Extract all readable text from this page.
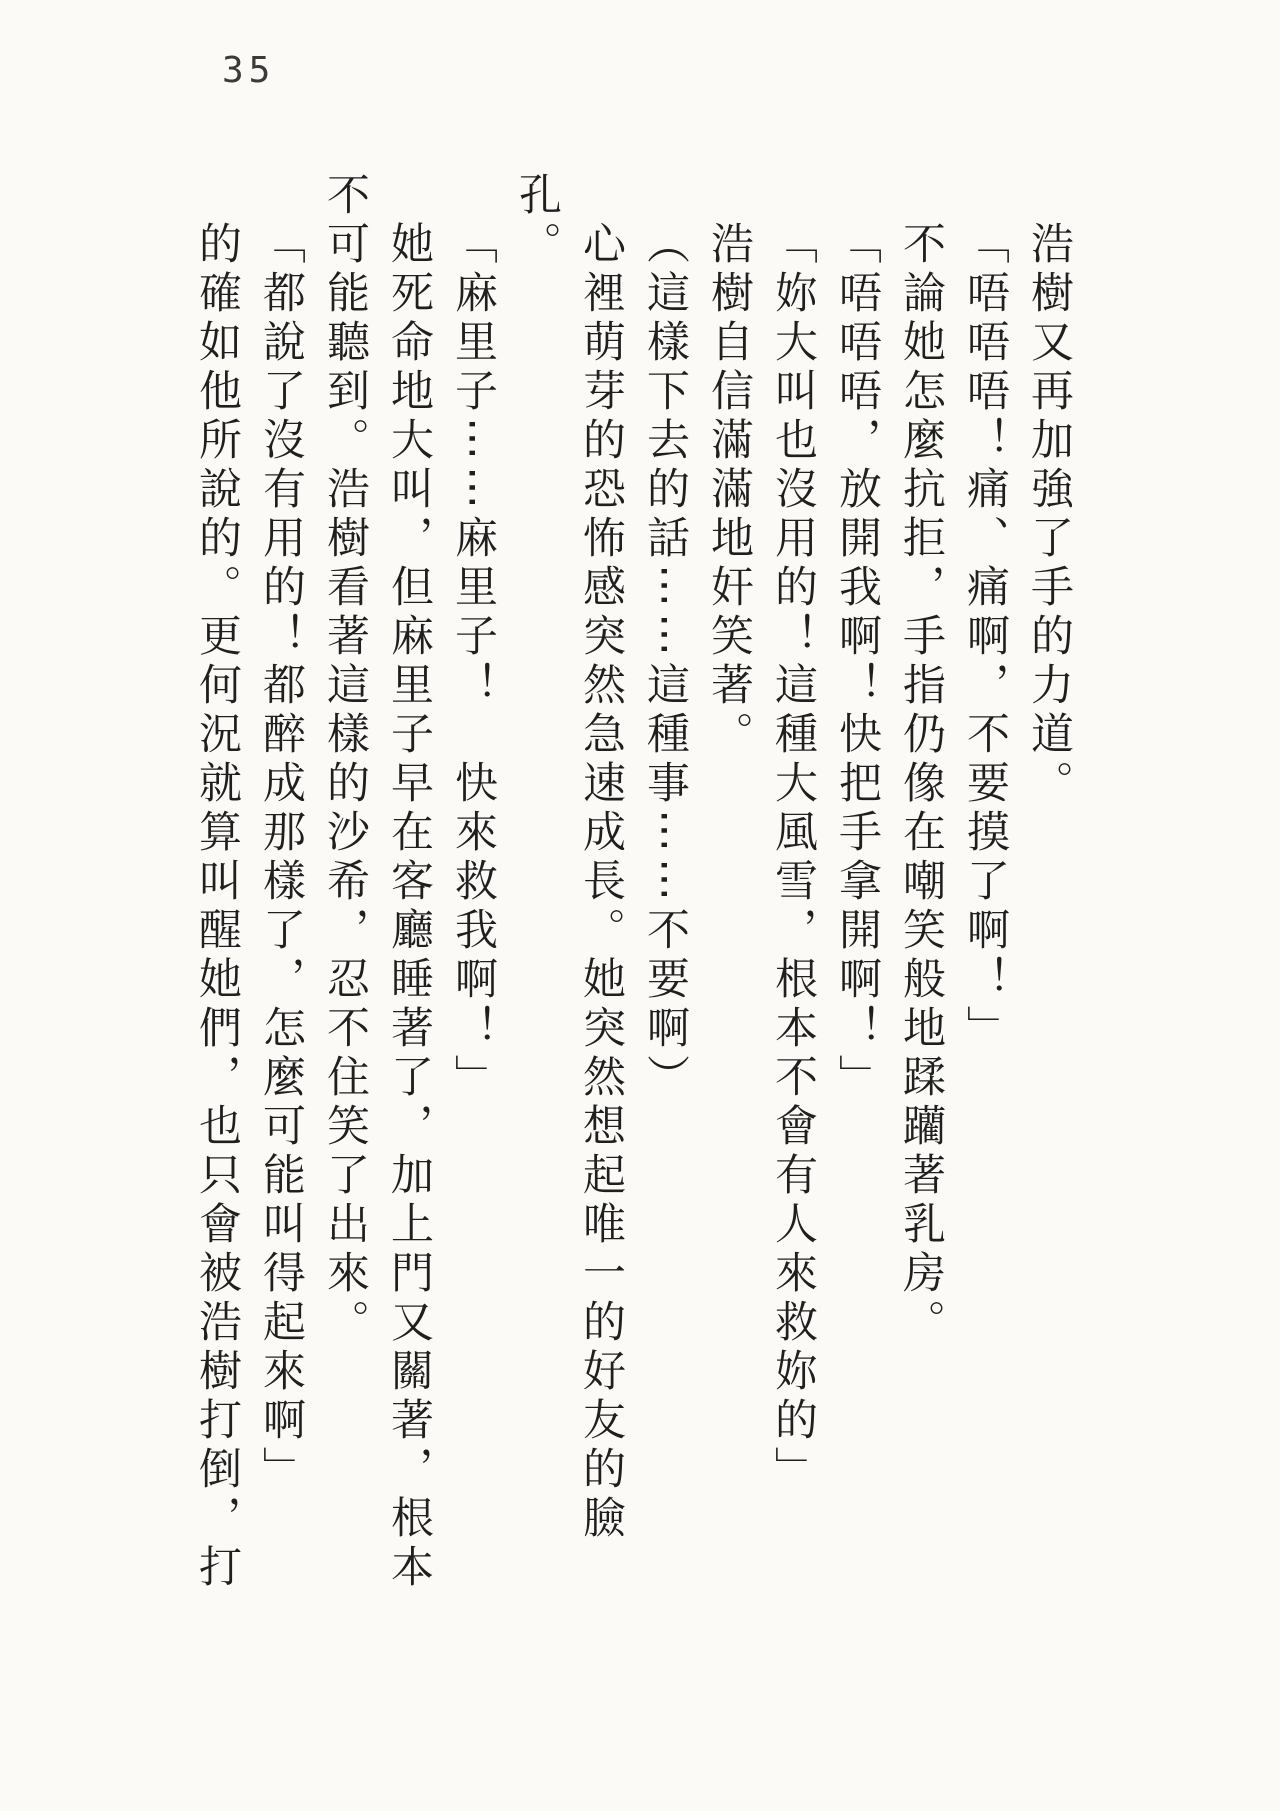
35
浩樹又再加強了手的力道。
「唔唔唔！痛、痛啊，不要摸了啊！」
不論她怎麼抗拒，手指仍像在嘲笑般地蹂躪著乳房。
「唔唔唔，放開我啊！快把手拿開啊！」
「妳大叫也沒用的！這種大風雪，根本不會有人來救妳的」
浩樹自信滿滿地奸笑著。
（這樣下去的話⋯⋯這種事⋯⋯不要啊）
心裡萌芽的恐怖感突然急速成長。她突然想起唯一的好友的臉
孔。
「麻里子⋯⋯麻里子！　快來救我啊！」
她死命地大叫，但麻里子早在客廳睡著了，加上門又關著，根本
不可能聽到。浩樹看著這樣的沙希，忍不住笑了出來。
「都說了沒有用的！都醉成那樣了，怎麼可能叫得起來啊」
的確如他所說的。更何況就算叫醒她們，也只會被浩樹打倒，打
